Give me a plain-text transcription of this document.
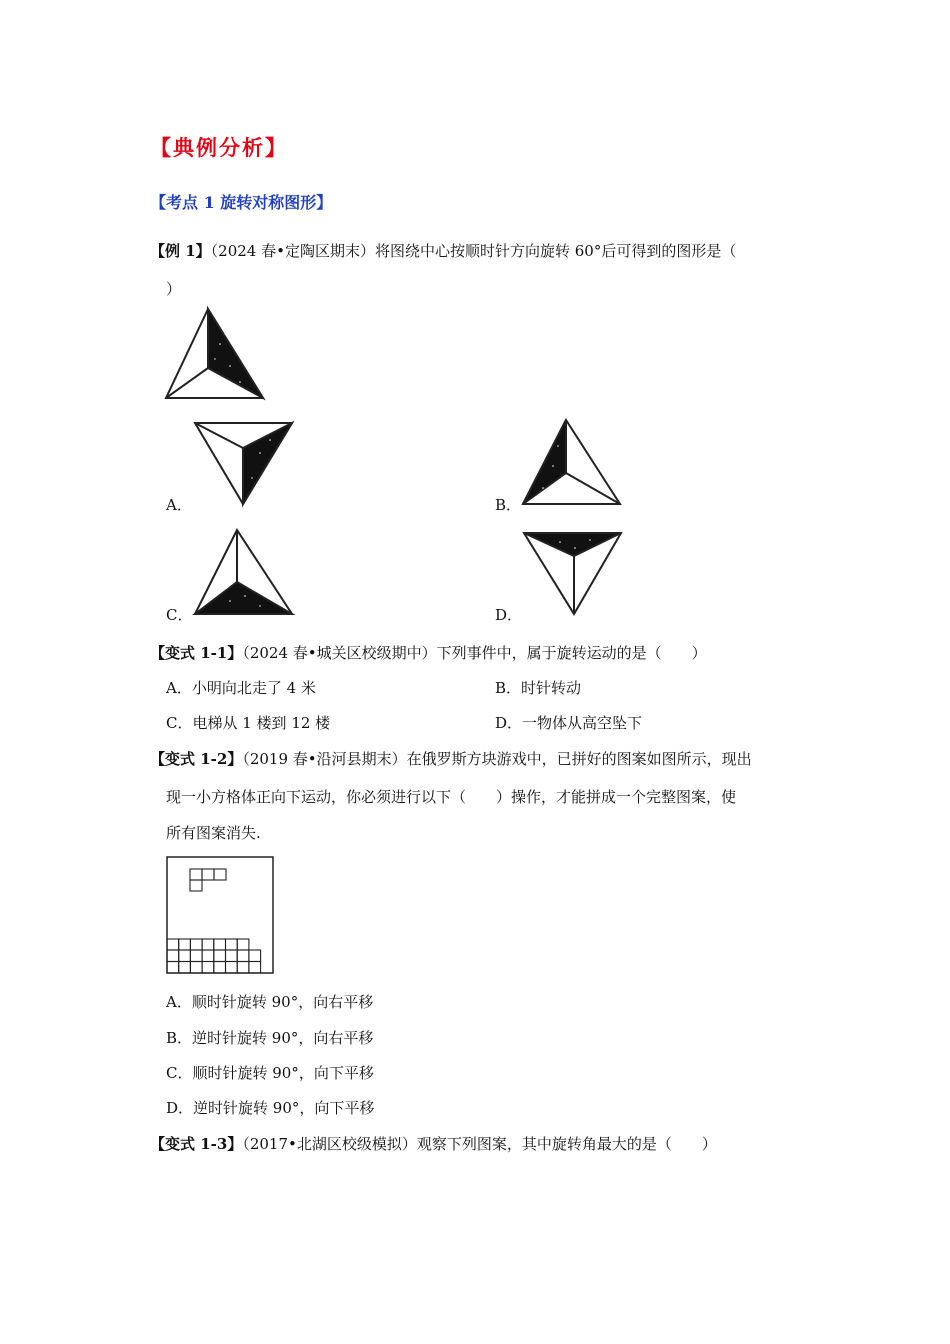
【典例分析】
【考点 1 旋转对称图形】
【例 1】（2024 春•定陶区期末）将图绕中心按顺时针方向旋转 60°后可得到的图形是（
）
A．	B．
C．	D．
【变式 1-1】（2024 春•城关区校级期中）下列事件中，属于旋转运动的是（　　）
A．小明向北走了 4 米	B．时针转动
C．电梯从 1 楼到 12 楼	D．一物体从高空坠下
【变式 1-2】（2019 春•沿河县期末）在俄罗斯方块游戏中，已拼好的图案如图所示，现出
现一小方格体正向下运动，你必须进行以下（　　）操作，才能拼成一个完整图案，使
所有图案消失.
A．顺时针旋转 90°，向右平移
B．逆时针旋转 90°，向右平移
C．顺时针旋转 90°，向下平移
D．逆时针旋转 90°，向下平移
【变式 1-3】（2017•北湖区校级模拟）观察下列图案，其中旋转角最大的是（　　）
